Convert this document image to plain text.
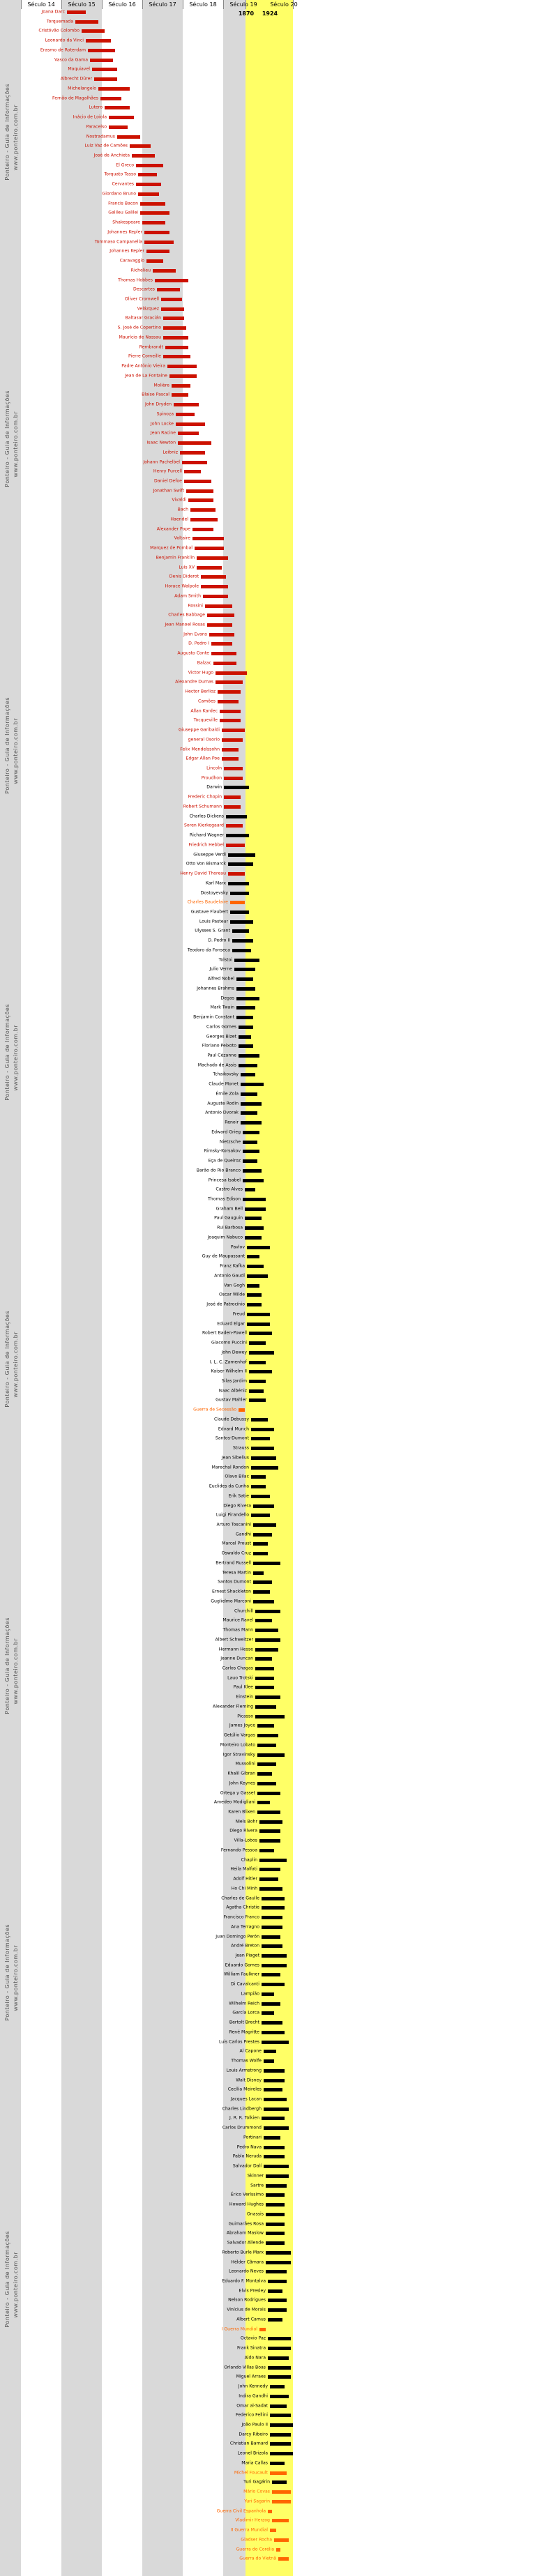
Século 14	Século 15	Século 16	Século 17	Século 18	Século 19	Século 20
1870	1924
Ponteiro - Guia de Informações www.ponteiro.com.br
Ponteiro - Guia de Informações www.ponteiro.com.br
Ponteiro - Guia de Informações www.ponteiro.com.br
Ponteiro - Guia de Informações www.ponteiro.com.br
Ponteiro - Guia de Informações www.ponteiro.com.br
Ponteiro - Guia de Informações www.ponteiro.com.br
Ponteiro - Guia de Informações www.ponteiro.com.br
Ponteiro - Guia de Informações www.ponteiro.com.br
Joana Darc
Torquemada
Cristóvão Colombo
Leonardo da Vinci
Erasmo de Roterdam
Vasco da Gama
Maquiavel
Albrecht Dürer
Michelangelo
Fernão de Magalhães
Lutero
Inácio de Loiola
Paracelso
Nostradamus
Luiz Vaz de Camões
José de Anchieta
El Greco
Torquato Tasso
Cervantes
Giordano Bruno
Francis Bacon
Galileu Galilei
Shakespeare
Johannes Kepler
Tommaso Campanella
Johannes Kepler
Caravaggio
Richelieu
Thomas Hobbes
Descartes
Oliver Cromwell
Velázquez
Baltasar Gracián
S. José de Copertino
Maurício de Nassau
Rembrandt
Pierre Corneille
Padre Antônio Vieira
Jean de La Fontaine
Molière
Blaise Pascal
John Dryden
Spinoza
John Locke
Jean Racine
Isaac Newton
Leibniz
Johann Pachelbel
Henry Purcell
Daniel Defoe
Jonathan Swift
Vivaldi
Bach
Haendel
Alexander Pope
Voltaire
Marquez de Pombal
Benjamin Franklin
Luís XV
Denis Diderot
Horace Walpole
Adam Smith
Rossini
Charles Babbage
Jean Manoel Rosas
John Evans
D. Pedro I
Augusto Conte
Balzac
Victor Hugo
Alexandre Dumas
Hector Berlioz
Camões
Allan Kardec
Tocqueville
Giuseppe Garibaldi
general Osorio
Felix Mendelssohn
Edgar Allan Poe
Lincoln
Proudhon
Darwin
Frederic Chopin
Robert Schumann
Charles Dickens
Soren Kierkegaard
Richard Wagner
Friedrich Hebbel
Giuseppe Verdi
Otto Von Bismarck
Henry David Thoreau
Karl Marx
Dostoyevsky
Charles Baudelaire
Gustave Flaubert
Louis Pasteur
Ulysses S. Grant
D. Pedro II
Teodoro da Fonseca
Tolstoi
Julio Verne
Alfred Nobel
Johannes Brahms
Degas
Mark Twain
Benjamin Constant
Carlos Gomes
Georges Bizet
Floriano Peixoto
Paul Cézanne
Machado de Assis
Tchaikovsky
Claude Monet
Émile Zola
Auguste Rodin
Antonio Dvorak
Renoir
Edward Grieg
Nietzsche
Rimsky-Korsakov
Eça de Queiroz
Barão do Rio Branco
Princesa Isabel
Castro Alves
Thomas Edison
Graham Bell
Paul Gauguin
Rui Barbosa
Joaquim Nabuco
Pavlov
Guy de Maupassant
Franz Kafka
Antonio Gaudí
Van Gogh
Oscar Wilde
José de Patrocínio
Freud
Eduard Elgar
Robert Baden-Powell
Giacomo Puccini
John Dewey
I. L. C. Zamenhof
Kaiser Wilhelm II
Silas Jardim
Isaac Albéniz
Gustav Mahler
Guerra de Secessão
Claude Debussy
Edvard Munch
Santos-Dumont
Strauss
Jean Sibelius
Marechal Rondon
Olavo Bilac
Euclides da Cunha
Erik Satie
Diego Rivera
Luigi Pirandello
Arturo Toscanini
Gandhi
Marcel Proust
Oswaldo Cruz
Bertrand Russell
Teresa Martin
Santos Dumont
Ernest Shackleton
Guglielmo Marconi
Churchill
Maurice Ravel
Thomas Mann
Albert Schweitzer
Hermann Hesse
Jeanne Duncan
Carlos Chagas
Lauo Trotski
Paul Klee
Einstein
Alexander Fleming
Picasso
James Joyce
Getúlio Vargas
Monteiro Lobato
Igor Stravinsky
Mussolini
Khalil Gibran
John Keynes
Ortega y Gasset
Amedeo Modigliani
Karen Blixen
Niels Bohr
Diego Rivera
Villa-Lobos
Fernando Pessoa
Chaplin
Heila Malfati
Adolf Hitler
Ho Chi Minh
Charles de Gaulle
Agatha Christie
Francisco Franco
Ana Terragno
Juan Domingo Perón
André Breton
Jean Piaget
Eduardo Gomes
William Faulkner
Di Cavalcanti
Lampião
Wilhelm Reich
García Lorca
Bertolt Brecht
René Magritte
Luis Carlos Prestes
Al Capone
Thomas Wolfe
Louis Armstrong
Walt Disney
Cecília Meireles
Jacques Lacan
Charles Lindbergh
J. R. R. Tolkien
Carlos Drummond
Portinari
Pedro Nava
Pablo Neruda
Salvador Dalí
Skinner
Sartre
Érico Veríssimo
Howard Hughes
Onassis
Guimarães Rosa
Abraham Maslow
Salvador Allende
Roberto Burle Marx
Hélder Câmara
Leonardo Neves
Eduardo F. Montalva
Elvis Presley
Nelson Rodrigues
Vinícius de Morais
Albert Camus
I Guerra Mundial
Octavio Paz
Frank Sinatra
Aldo Nara
Orlando Villas Boas
Miguel Arraes
John Kennedy
Indira Gandhi
Omar al-Sadat
Federico Fellini
João Paulo II
Darcy Ribeiro
Christian Barnard
Leonel Brizola
Maria Callas
Michel Foucault
Yuri Gagárin
Mário Covas
Yuri Sagarin
Guerra Civil Espanhola
Vladimir Herzog
II Guerra Mundial
Gladser Rocha
Guerra do Corélia
Guerra do Vietnã
